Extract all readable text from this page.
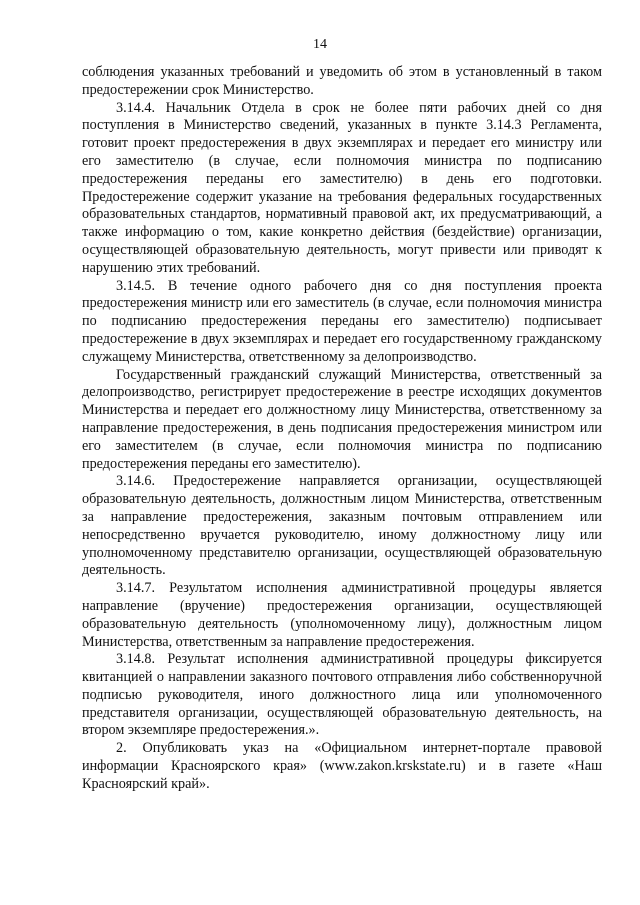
14

соблюдения указанных требований и уведомить об этом в установленный в таком предостережении срок Министерство.

3.14.4. Начальник Отдела в срок не более пяти рабочих дней со дня поступления в Министерство сведений, указанных в пункте 3.14.3 Регламента, готовит проект предостережения в двух экземплярах и передает его министру или его заместителю (в случае, если полномочия министра по подписанию предостережения переданы его заместителю) в день его подготовки. Предостережение содержит указание на требования федеральных государственных образовательных стандартов, нормативный правовой акт, их предусматривающий, а также информацию о том, какие конкретно действия (бездействие) организации, осуществляющей образовательную деятельность, могут привести или приводят к нарушению этих требований.

3.14.5. В течение одного рабочего дня со дня поступления проекта предостережения министр или его заместитель (в случае, если полномочия министра по подписанию предостережения переданы его заместителю) подписывает предостережение в двух экземплярах и передает его государственному гражданскому служащему Министерства, ответственному за делопроизводство.

Государственный гражданский служащий Министерства, ответственный за делопроизводство, регистрирует предостережение в реестре исходящих документов Министерства и передает его должностному лицу Министерства, ответственному за направление предостережения, в день подписания предостережения министром или его заместителем (в случае, если полномочия министра по подписанию предостережения переданы его заместителю).

3.14.6. Предостережение направляется организации, осуществляющей образовательную деятельность, должностным лицом Министерства, ответственным за направление предостережения, заказным почтовым отправлением или непосредственно вручается руководителю, иному должностному лицу или уполномоченному представителю организации, осуществляющей образовательную деятельность.

3.14.7. Результатом исполнения административной процедуры является направление (вручение) предостережения организации, осуществляющей образовательную деятельность (уполномоченному лицу), должностным лицом Министерства, ответственным за направление предостережения.

3.14.8. Результат исполнения административной процедуры фиксируется квитанцией о направлении заказного почтового отправления либо собственноручной подписью руководителя, иного должностного лица или уполномоченного представителя организации, осуществляющей образовательную деятельность, на втором экземпляре предостережения.».

2. Опубликовать указ на «Официальном интернет-портале правовой информации Красноярского края» (www.zakon.krskstate.ru) и в газете «Наш Красноярский край».
